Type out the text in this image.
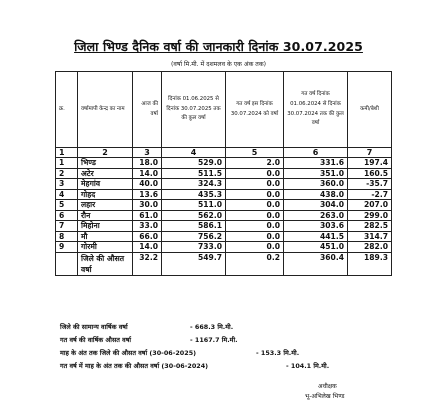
जिला भिण्ड दैनिक वर्षा की जानकारी दिनांक 30.07.2025
(वर्षा मि.मी. में दशमलव के एक अंक तक)
क्र.	वर्षामापी केन्द्र का नाम	आज की वर्षा	दिनांक 01.06.2025 से दिनांक 30.07.2025 तक की कुल वर्षा	गत वर्ष इस दिनांक 30.07.2024 को वर्षा	गत वर्ष दिनांक 01.06.2024 से दिनांक 30.07.2024 तक की कुल वर्षा	कमी/बेशी
1	2	3	4	5	6	7
1	भिण्ड	18.0	529.0	2.0	331.6	197.4
2	अटेर	14.0	511.5	0.0	351.0	160.5
3	मेहगांव	40.0	324.3	0.0	360.0	-35.7
4	गोहद	13.6	435.3	0.0	438.0	-2.7
5	लहार	30.0	511.0	0.0	304.0	207.0
6	रौन	61.0	562.0	0.0	263.0	299.0
7	मिहोना	33.0	586.1	0.0	303.6	282.5
8	मौ	66.0	756.2	0.0	441.5	314.7
9	गोरमी	14.0	733.0	0.0	451.0	282.0
	जिले की औसत वर्षा	32.2	549.7	0.2	360.4	189.3
जिले की सामान्य वार्षिक वर्षा	- 668.3 मि.मी.
गत वर्ष की वार्षिक औसत वर्षा	- 1167.7 मि.मी.
माह के अंत तक जिले की औसत वर्षा (30-06-2025)	- 153.3 मि.मी.
गत वर्ष में माह के अंत तक की औसत वर्षा (30-06-2024)	- 104.1 मि.मी.
अधीक्षक
भू-अभिलेख भिण्ड
